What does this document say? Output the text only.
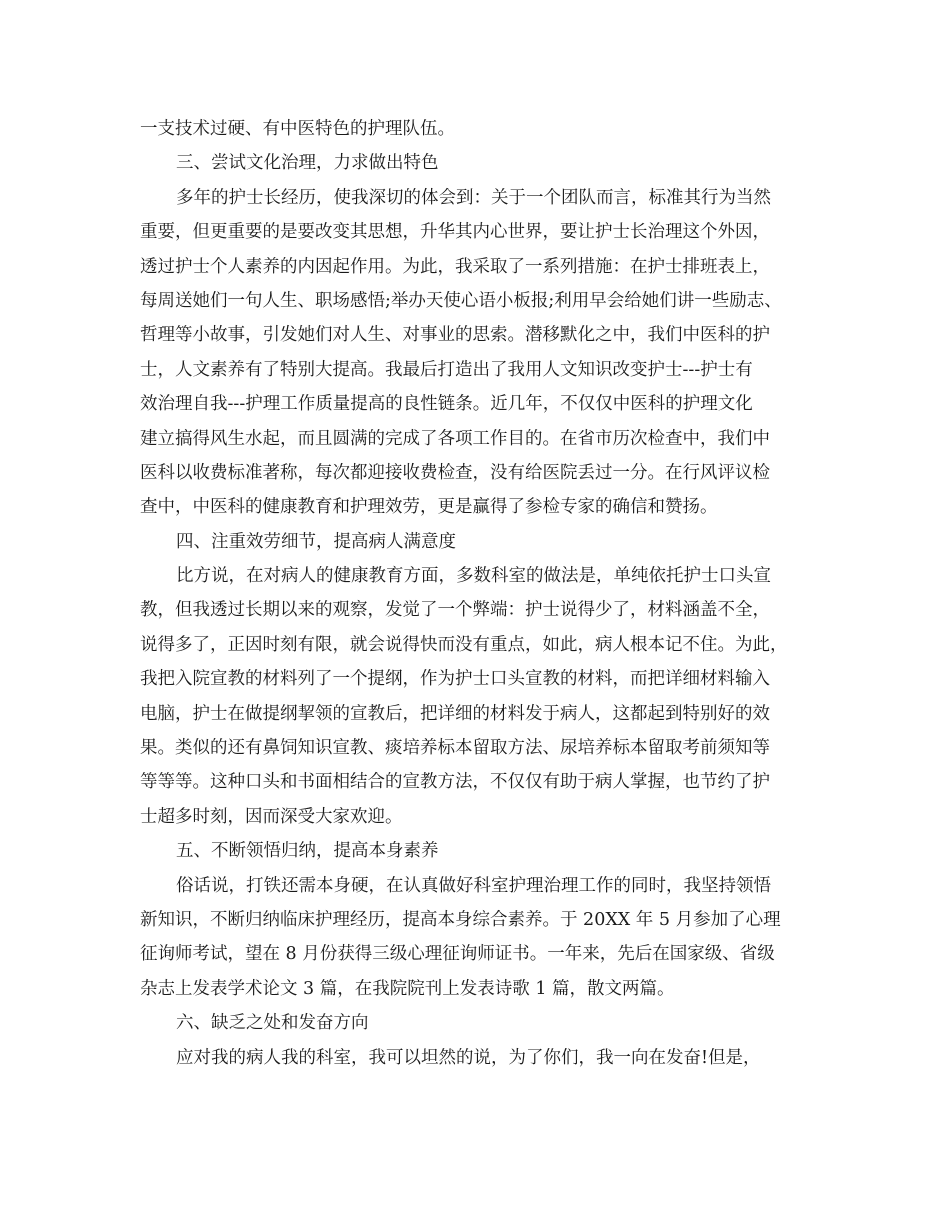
一支技术过硬、有中医特色的护理队伍。
三、尝试文化治理，力求做出特色
多年的护士长经历，使我深切的体会到：关于一个团队而言，标准其行为当然
重要，但更重要的是要改变其思想，升华其内心世界，要让护士长治理这个外因，
透过护士个人素养的内因起作用。为此，我采取了一系列措施：在护士排班表上，
每周送她们一句人生、职场感悟;举办天使心语小板报;利用早会给她们讲一些励志、
哲理等小故事，引发她们对人生、对事业的思索。潜移默化之中，我们中医科的护
士，人文素养有了特别大提高。我最后打造出了我用人文知识改变护士---护士有
效治理自我---护理工作质量提高的良性链条。近几年，不仅仅中医科的护理文化
建立搞得风生水起，而且圆满的完成了各项工作目的。在省市历次检查中，我们中
医科以收费标准著称，每次都迎接收费检查，没有给医院丢过一分。在行风评议检
查中，中医科的健康教育和护理效劳，更是赢得了参检专家的确信和赞扬。
四、注重效劳细节，提高病人满意度
比方说，在对病人的健康教育方面，多数科室的做法是，单纯依托护士口头宣
教，但我透过长期以来的观察，发觉了一个弊端：护士说得少了，材料涵盖不全，
说得多了，正因时刻有限，就会说得快而没有重点，如此，病人根本记不住。为此，
我把入院宣教的材料列了一个提纲，作为护士口头宣教的材料，而把详细材料输入
电脑，护士在做提纲挈领的宣教后，把详细的材料发于病人，这都起到特别好的效
果。类似的还有鼻饲知识宣教、痰培养标本留取方法、尿培养标本留取考前须知等
等等等。这种口头和书面相结合的宣教方法，不仅仅有助于病人掌握，也节约了护
士超多时刻，因而深受大家欢迎。
五、不断领悟归纳，提高本身素养
俗话说，打铁还需本身硬，在认真做好科室护理治理工作的同时，我坚持领悟
新知识，不断归纳临床护理经历，提高本身综合素养。于 20XX 年 5 月参加了心理
征询师考试，望在 8 月份获得三级心理征询师证书。一年来，先后在国家级、省级
杂志上发表学术论文 3 篇，在我院院刊上发表诗歌 1 篇，散文两篇。
六、缺乏之处和发奋方向
应对我的病人我的科室，我可以坦然的说，为了你们，我一向在发奋!但是，
